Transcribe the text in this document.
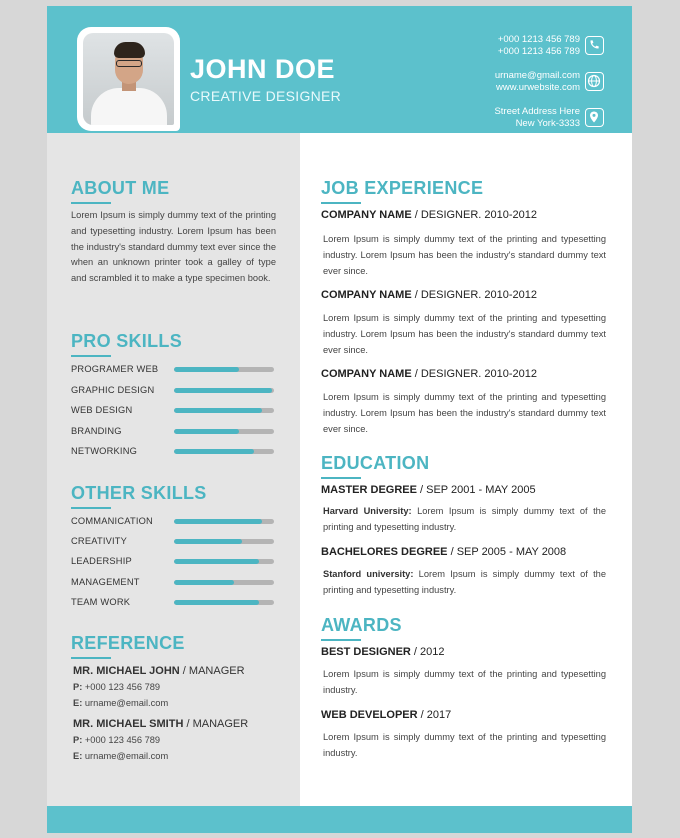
JOHN DOE
CREATIVE DESIGNER
+000 1213 456 789
+000 1213 456 789
urname@gmail.com
www.urwebsite.com
Street Address Here
New York-3333
ABOUT ME
Lorem Ipsum is simply dummy text of the printing and typesetting industry. Lorem Ipsum has been the industry's standard dummy text ever since the when an unknown printer took a galley of type and scrambled it to make a type specimen book.
PRO SKILLS
PROGRAMER WEB
GRAPHIC DESIGN
WEB DESIGN
BRANDING
NETWORKING
OTHER SKILLS
COMMANICATION
CREATIVITY
LEADERSHIP
MANAGEMENT
TEAM WORK
REFERENCE
MR. MICHAEL JOHN / MANAGER
P: +000 123 456 789
E: urname@email.com
MR. MICHAEL SMITH / MANAGER
P: +000 123 456 789
E: urname@email.com
JOB EXPERIENCE
COMPANY NAME / DESIGNER. 2010-2012
Lorem Ipsum is simply dummy text of the printing and typesetting industry. Lorem Ipsum has been the industry's standard dummy text ever since.
COMPANY NAME / DESIGNER. 2010-2012
Lorem Ipsum is simply dummy text of the printing and typesetting industry. Lorem Ipsum has been the industry's standard dummy text ever since.
COMPANY NAME / DESIGNER. 2010-2012
Lorem Ipsum is simply dummy text of the printing and typesetting industry. Lorem Ipsum has been the industry's standard dummy text ever since.
EDUCATION
MASTER DEGREE / SEP 2001 - MAY 2005
Harvard University: Lorem Ipsum is simply dummy text of the printing and typesetting industry.
BACHELORES DEGREE / SEP 2005 - MAY 2008
Stanford university: Lorem Ipsum is simply dummy text of the printing and typesetting industry.
AWARDS
BEST DESIGNER / 2012
Lorem Ipsum is simply dummy text of the printing and typesetting industry.
WEB DEVELOPER / 2017
Lorem Ipsum is simply dummy text of the printing and typesetting industry.
